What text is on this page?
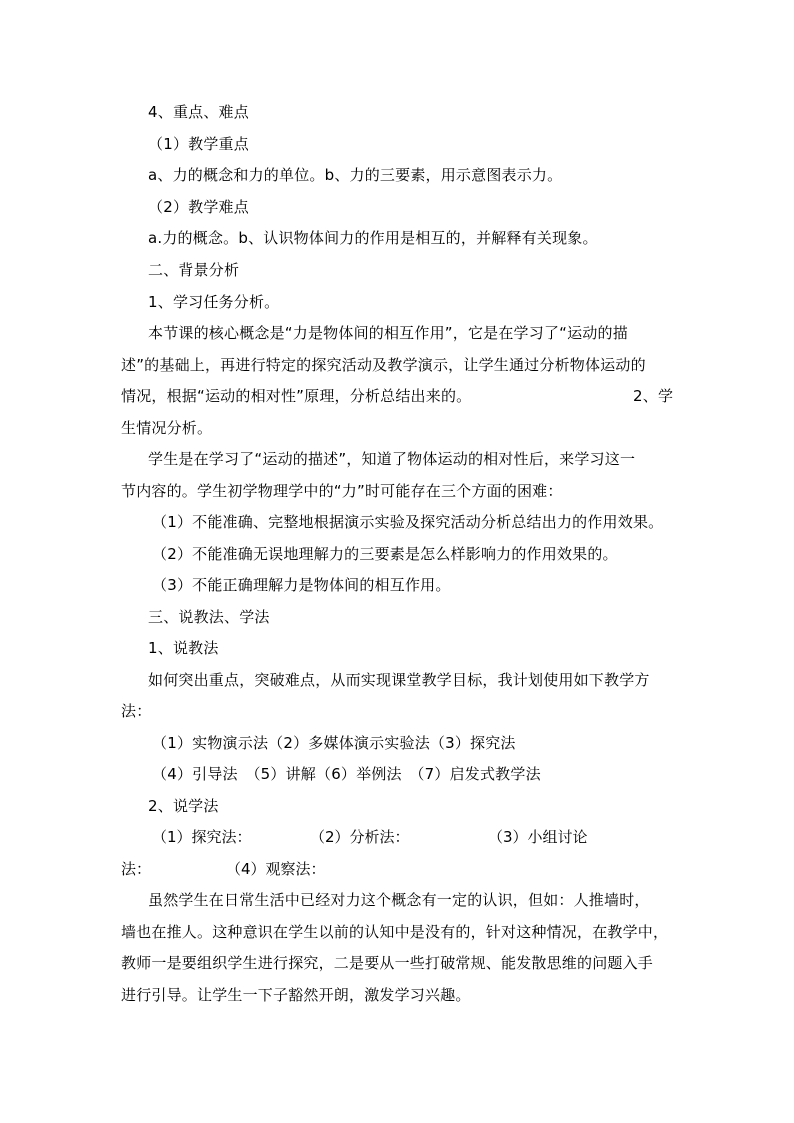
4、重点、难点
（1）教学重点
a、力的概念和力的单位。b、力的三要素，用示意图表示力。
（2）教学难点
a.力的概念。b、认识物体间力的作用是相互的，并解释有关现象。
二、背景分析
1、学习任务分析。
本节课的核心概念是“力是物体间的相互作用”，它是在学习了“运动的描
述”的基础上，再进行特定的探究活动及教学演示，让学生通过分析物体运动的
情况，根据“运动的相对性”原理，分析总结出来的。	2、学
生情况分析。
学生是在学习了“运动的描述”，知道了物体运动的相对性后，来学习这一
节内容的。学生初学物理学中的“力”时可能存在三个方面的困难：
（1）不能准确、完整地根据演示实验及探究活动分析总结出力的作用效果。
（2）不能准确无误地理解力的三要素是怎么样影响力的作用效果的。
（3）不能正确理解力是物体间的相互作用。
三、说教法、学法
1、说教法
如何突出重点，突破难点，从而实现课堂教学目标，我计划使用如下教学方
法：
（1）实物演示法（2）多媒体演示实验法（3）探究法
（4）引导法　（5）讲解（6）举例法　（7）启发式教学法
2、说学法
（1）探究法：	（2）分析法：	（3）小组讨论
法：	（4）观察法：
虽然学生在日常生活中已经对力这个概念有一定的认识，但如：人推墙时，
墙也在推人。这种意识在学生以前的认知中是没有的，针对这种情况，在教学中，
教师一是要组织学生进行探究，二是要从一些打破常规、能发散思维的问题入手
进行引导。让学生一下子豁然开朗，激发学习兴趣。
